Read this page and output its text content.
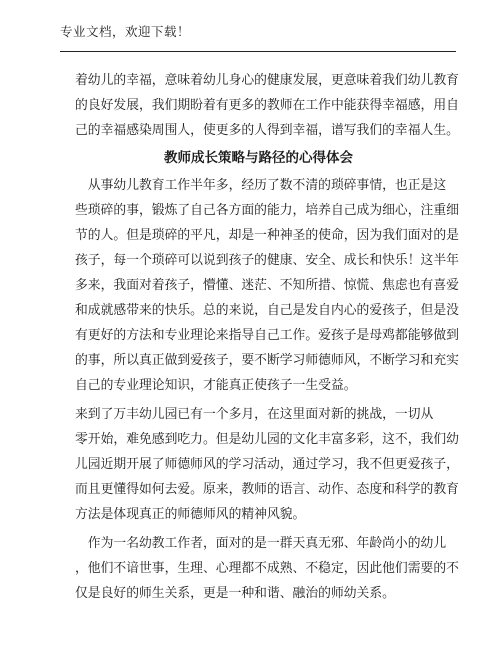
专业文档，欢迎下载！

着幼儿的幸福，意味着幼儿身心的健康发展，更意味着我们幼儿教育
的良好发展，我们期盼着有更多的教师在工作中能获得幸福感，用自
己的幸福感染周围人，使更多的人得到幸福，谱写我们的幸福人生。

教师成长策略与路径的心得体会

　从事幼儿教育工作半年多，经历了数不清的琐碎事情，也正是这
些琐碎的事，锻炼了自己各方面的能力，培养自己成为细心，注重细
节的人。但是琐碎的平凡，却是一种神圣的使命，因为我们面对的是
孩子，每一个琐碎可以说到孩子的健康、安全、成长和快乐！这半年
多来，我面对着孩子，懵懂、迷茫、不知所措、惊慌、焦虑也有喜爱
和成就感带来的快乐。总的来说，自己是发自内心的爱孩子，但是没
有更好的方法和专业理论来指导自己工作。爱孩子是母鸡都能够做到
的事，所以真正做到爱孩子，要不断学习师德师风，不断学习和充实
自己的专业理论知识，才能真正使孩子一生受益。

来到了万丰幼儿园已有一个多月，在这里面对新的挑战，一切从
零开始，难免感到吃力。但是幼儿园的文化丰富多彩，这不，我们幼
儿园近期开展了师德师风的学习活动，通过学习，我不但更爱孩子，
而且更懂得如何去爱。原来，教师的语言、动作、态度和科学的教育
方法是体现真正的师德师风的精神风貌。

　作为一名幼教工作者，面对的是一群天真无邪、年龄尚小的幼儿
，他们不谙世事，生理、心理都不成熟、不稳定，因此他们需要的不
仅是良好的师生关系，更是一种和谐、融治的师幼关系。
